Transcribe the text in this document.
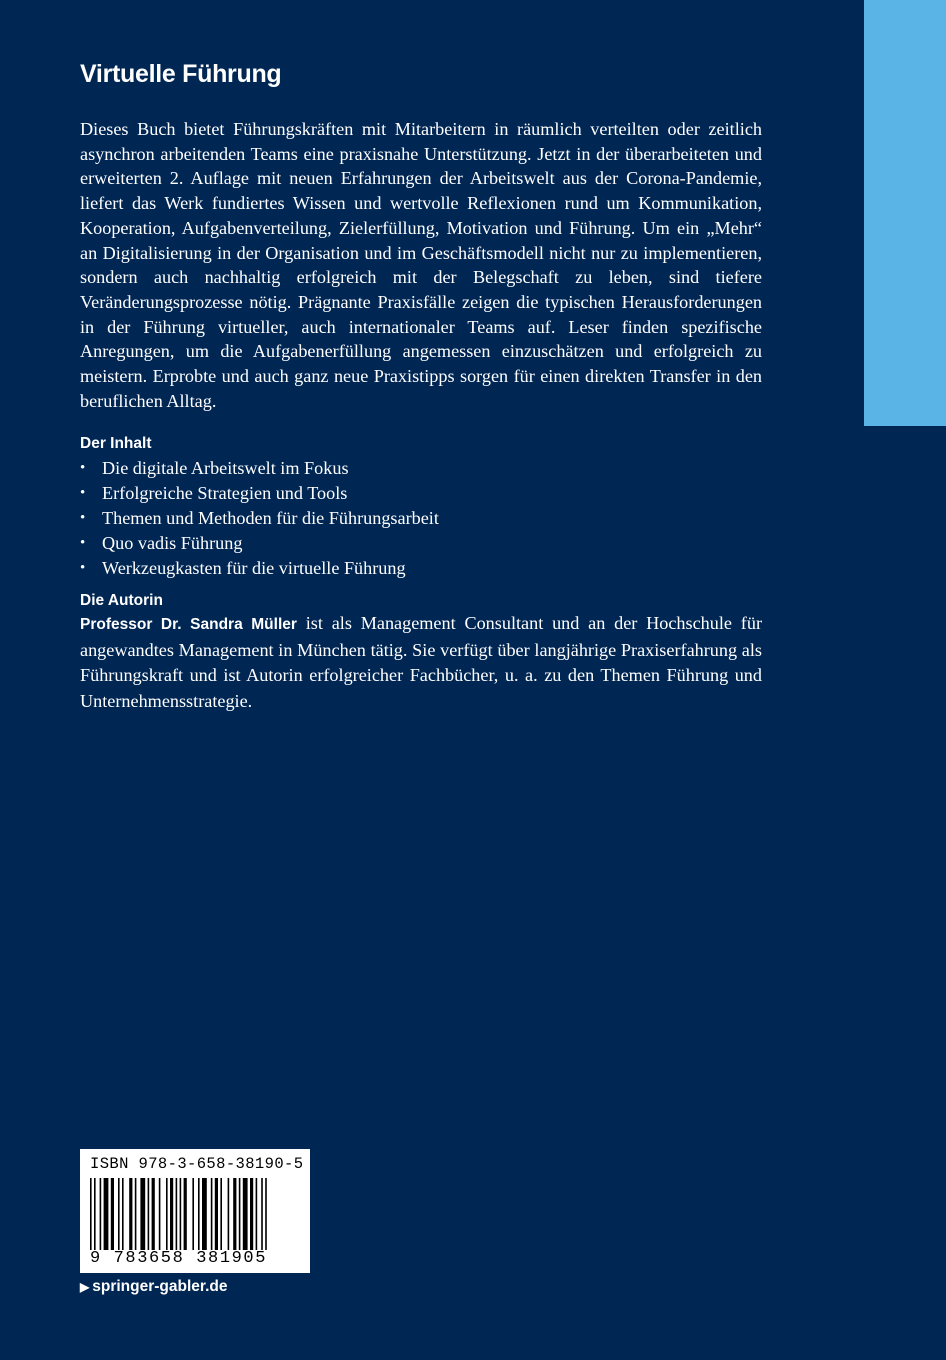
Virtuelle Führung

Dieses Buch bietet Führungskräften mit Mitarbeitern in räumlich verteilten oder zeitlich asynchron arbeitenden Teams eine praxisnahe Unterstützung. Jetzt in der überarbeiteten und erweiterten 2. Auflage mit neuen Erfahrungen der Arbeitswelt aus der Corona-Pandemie, liefert das Werk fundiertes Wissen und wertvolle Reflexionen rund um Kommunikation, Kooperation, Aufgabenverteilung, Zielerfüllung, Motivation und Führung. Um ein „Mehr“ an Digitalisierung in der Organisation und im Geschäftsmodell nicht nur zu implementieren, sondern auch nachhaltig erfolgreich mit der Belegschaft zu leben, sind tiefere Veränderungsprozesse nötig. Prägnante Praxisfälle zeigen die typischen Herausforderungen in der Führung virtueller, auch internationaler Teams auf. Leser finden spezifische Anregungen, um die Aufgabenerfüllung angemessen einzuschätzen und erfolgreich zu meistern. Erprobte und auch ganz neue Praxistipps sorgen für einen direkten Transfer in den beruflichen Alltag.

Der Inhalt
• Die digitale Arbeitswelt im Fokus
• Erfolgreiche Strategien und Tools
• Themen und Methoden für die Führungsarbeit
• Quo vadis Führung
• Werkzeugkasten für die virtuelle Führung
Die Autorin

Professor Dr. Sandra Müller ist als Management Consultant und an der Hochschule für angewandtes Management in München tätig. Sie verfügt über langjährige Praxiserfahrung als Führungskraft und ist Autorin erfolgreicher Fachbücher, u. a. zu den Themen Führung und Unternehmensstrategie.

ISBN 978-3-658-38190-5
9 783658 381905
▶ springer-gabler.de
